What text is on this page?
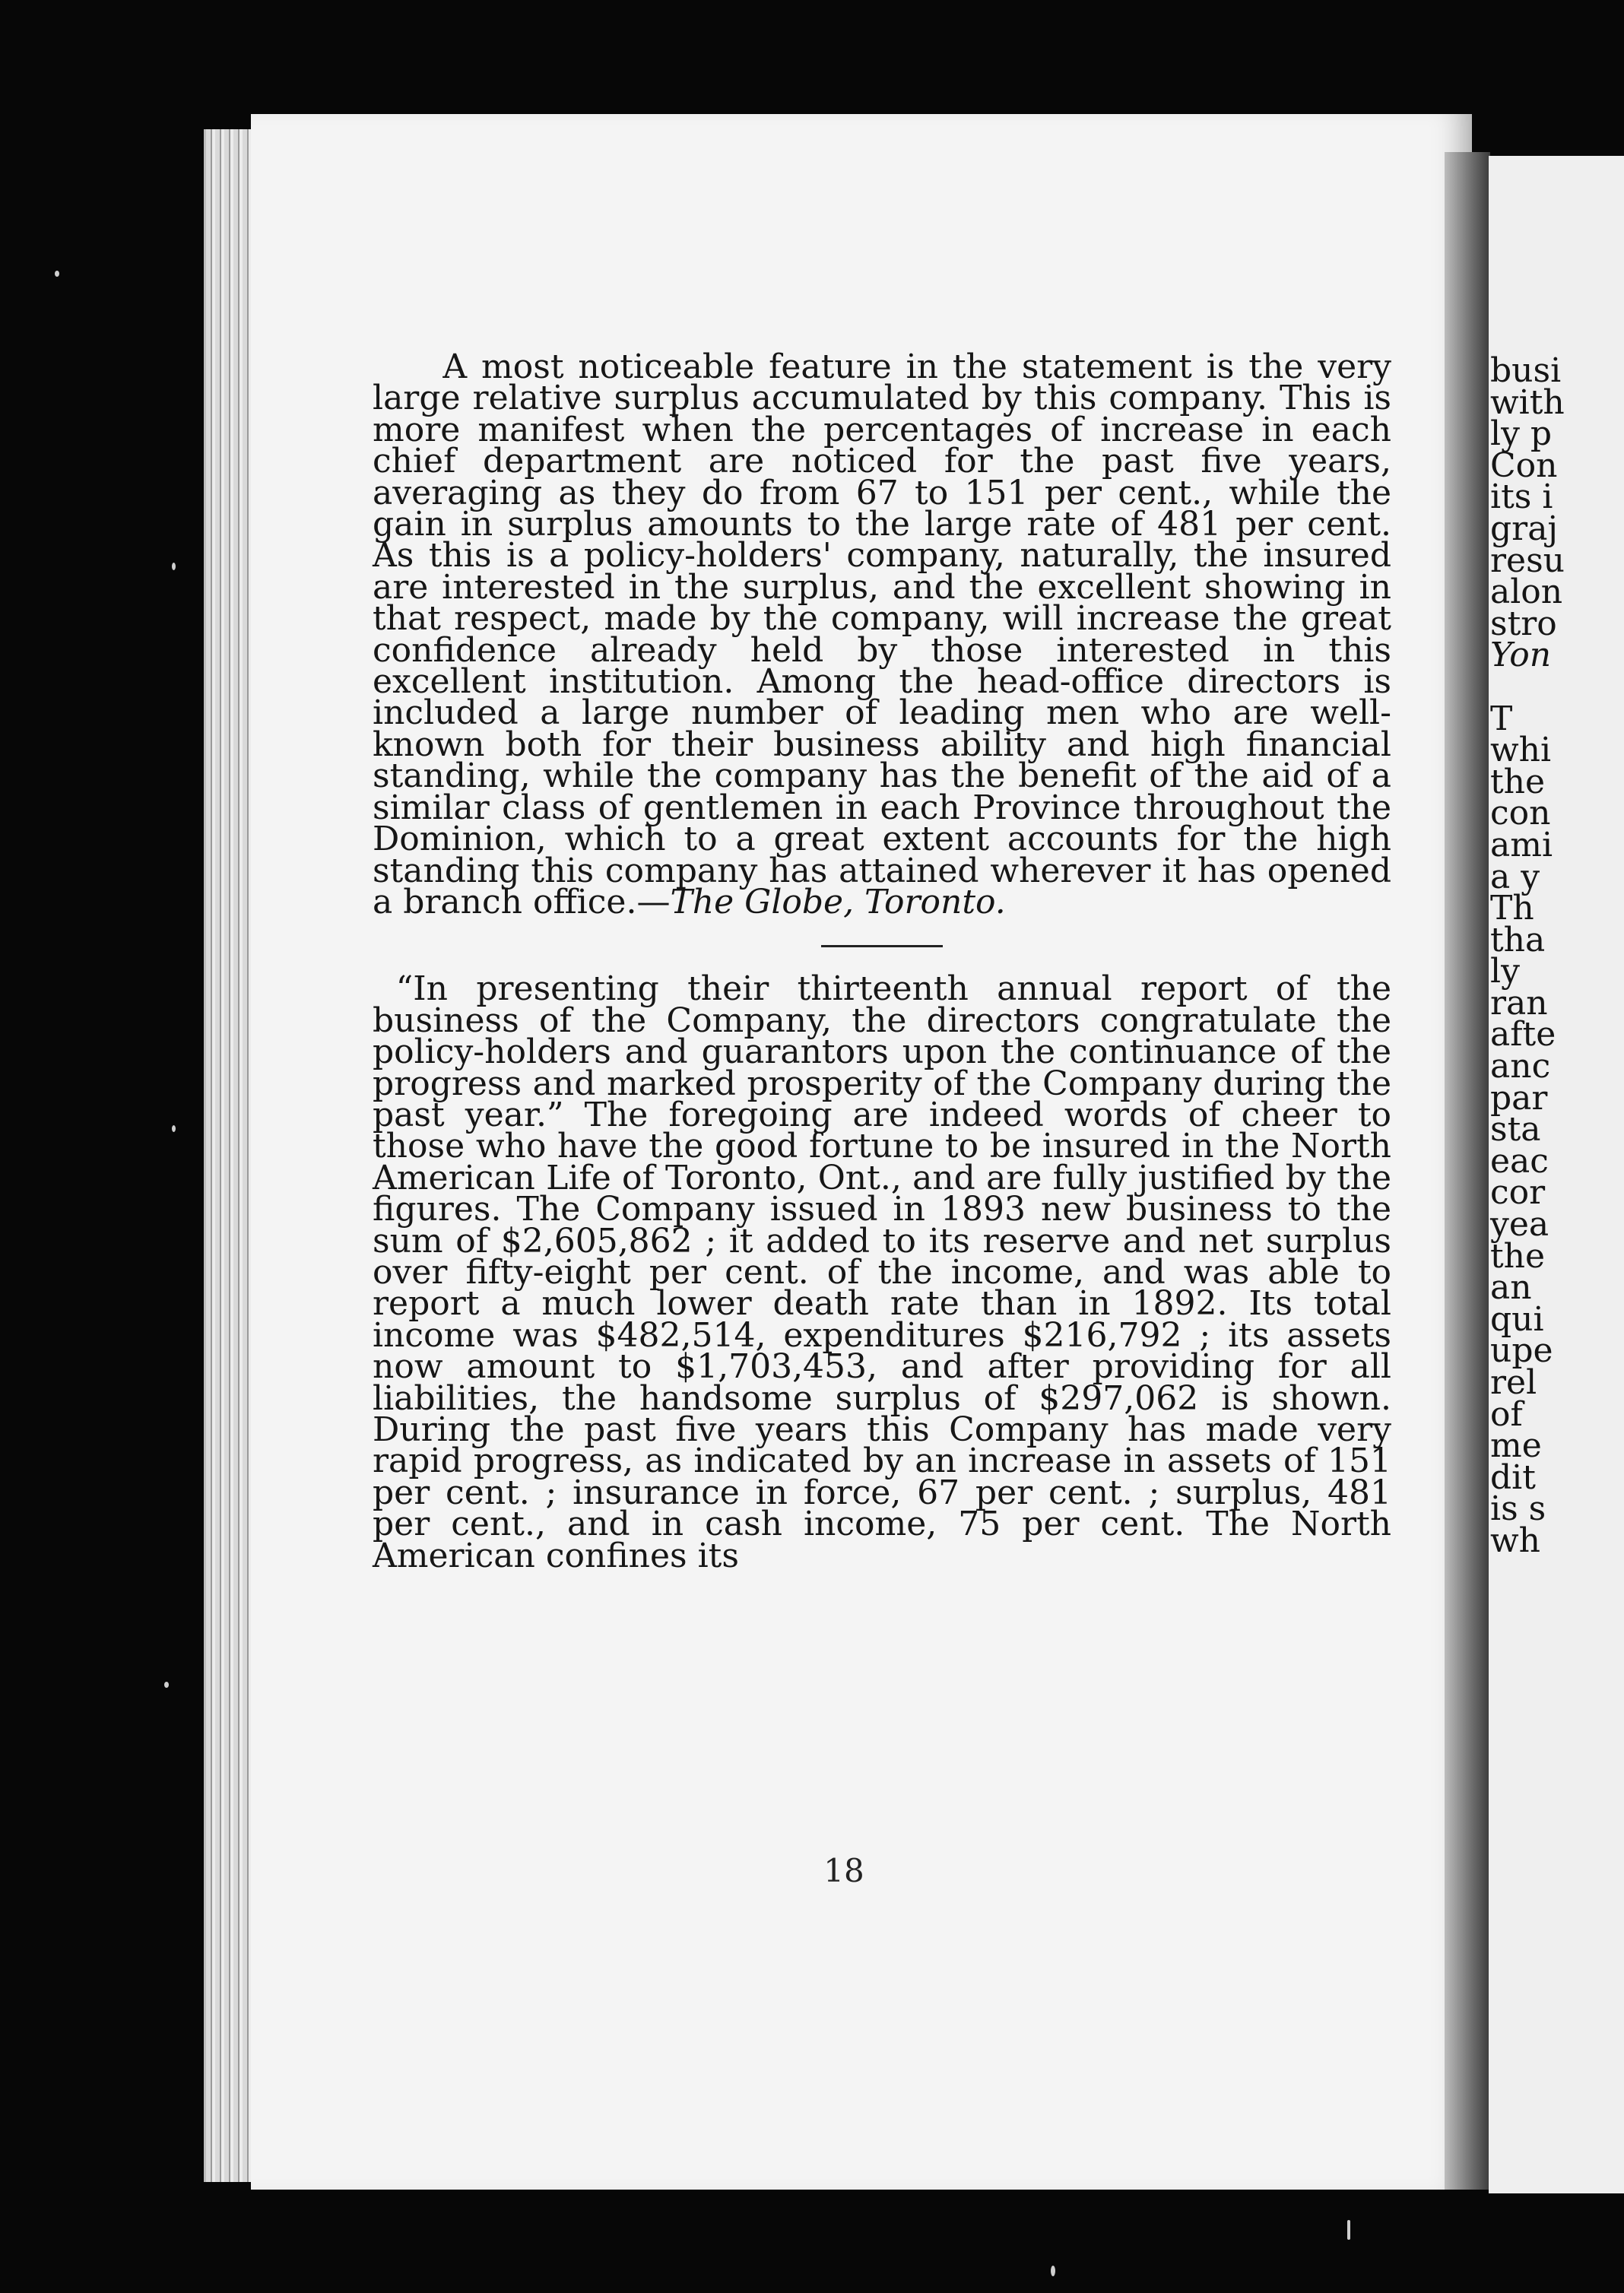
busi
with
ly p
Con
its i
graj
resu
alon
stro
Yon
T
whi
the
con
ami
a y
Th
tha
ly
ran
afte
anc
par
sta
eac
cor
yea
the
an
qui
upe
rel
of
me
dit
is s
wh

A most noticeable feature in the statement is the very large relative surplus accumulated by this company. This is more manifest when the percentages of increase in each chief department are noticed for the past five years, averaging as they do from 67 to 151 per cent., while the gain in surplus amounts to the large rate of 481 per cent. As this is a policy-holders' company, naturally, the insured are interested in the surplus, and the excellent showing in that respect, made by the company, will increase the great confidence already held by those interested in this excellent institution. Among the head-office directors is included a large number of leading men who are well-known both for their business ability and high financial standing, while the company has the benefit of the aid of a similar class of gentlemen in each Province throughout the Dominion, which to a great extent accounts for the high standing this company has attained wherever it has opened a branch office.—The Globe, Toronto.

“In presenting their thirteenth annual report of the business of the Company, the directors congratulate the policy-holders and guarantors upon the continuance of the progress and marked prosperity of the Company during the past year.” The foregoing are indeed words of cheer to those who have the good fortune to be insured in the North American Life of Toronto, Ont., and are fully justified by the figures. The Company issued in 1893 new business to the sum of $2,605,862 ; it added to its reserve and net surplus over fifty-eight per cent. of the income, and was able to report a much lower death rate than in 1892. Its total income was $482,514, expenditures $216,792 ; its assets now amount to $1,703,453, and after providing for all liabilities, the handsome surplus of $297,062 is shown. During the past five years this Company has made very rapid progress, as indicated by an increase in assets of 151 per cent. ; insurance in force, 67 per cent. ; surplus, 481 per cent., and in cash income, 75 per cent. The North American confines its

18
